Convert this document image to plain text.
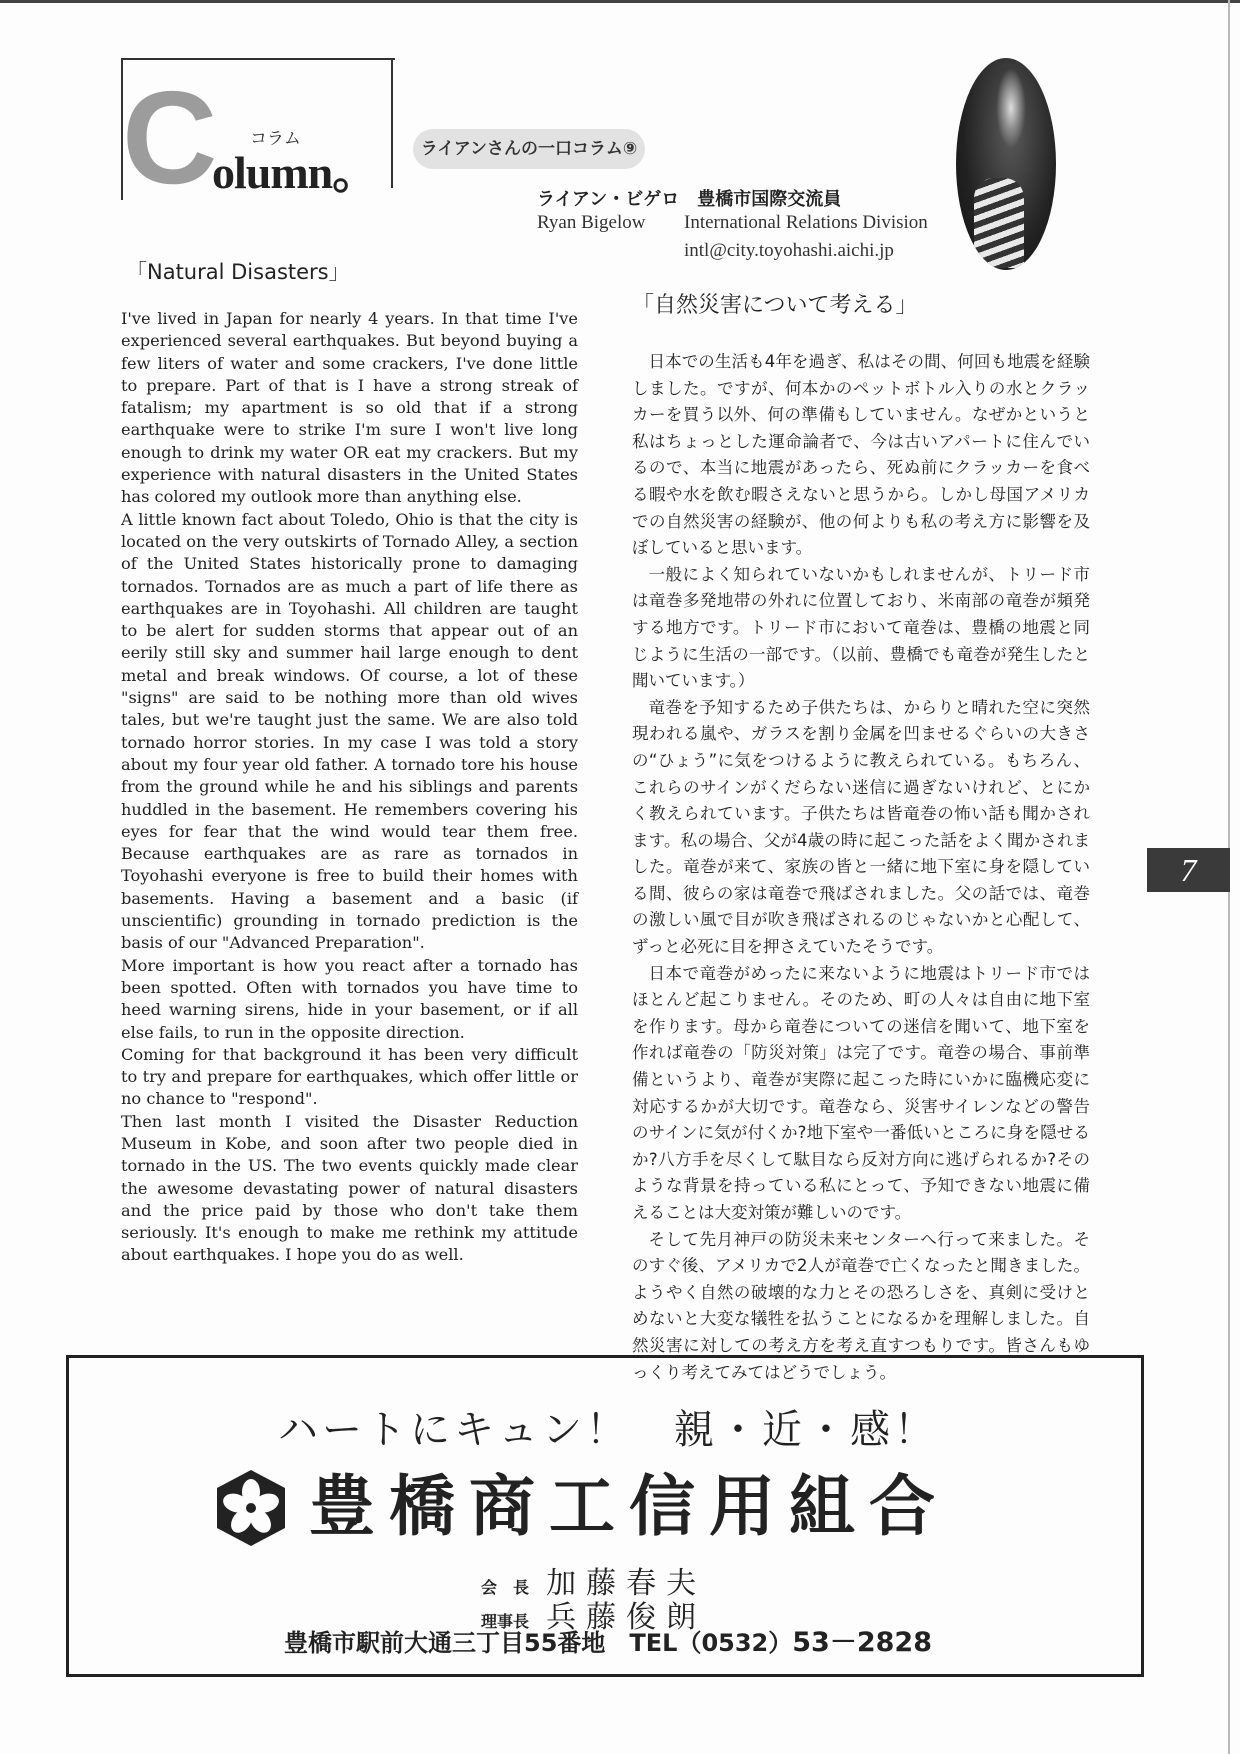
C
olumn。
コラム	ライアンさんの一口コラム⑨
ライアン・ビゲロ　豊橋市国際交流員
Ryan Bigelow International Relations Division
intl@city.toyohashi.aichi.jp
「Natural Disasters」

I've lived in Japan for nearly 4 years. In that time I've experienced several earthquakes. But beyond buying a few liters of water and some crackers, I've done little to prepare. Part of that is I have a strong streak of fatalism; my apartment is so old that if a strong earthquake were to strike I'm sure I won't live long enough to drink my water OR eat my crackers. But my experience with natural disasters in the United States has colored my outlook more than anything else.

A little known fact about Toledo, Ohio is that the city is located on the very outskirts of Tornado Alley, a section of the United States historically prone to damaging tornados. Tornados are as much a part of life there as earthquakes are in Toyohashi. All children are taught to be alert for sudden storms that appear out of an eerily still sky and summer hail large enough to dent metal and break windows. Of course, a lot of these "signs" are said to be nothing more than old wives tales, but we're taught just the same. We are also told tornado horror stories. In my case I was told a story about my four year old father. A tornado tore his house from the ground while he and his siblings and parents huddled in the basement. He remembers covering his eyes for fear that the wind would tear them free. Because earthquakes are as rare as tornados in Toyohashi everyone is free to build their homes with basements. Having a basement and a basic (if unscientific) grounding in tornado prediction is the basis of our "Advanced Preparation".

More important is how you react after a tornado has been spotted. Often with tornados you have time to heed warning sirens, hide in your basement, or if all else fails, to run in the opposite direction.

Coming for that background it has been very difficult to try and prepare for earthquakes, which offer little or no chance to "respond".

Then last month I visited the Disaster Reduction Museum in Kobe, and soon after two people died in tornado in the US. The two events quickly made clear the awesome devastating power of natural disasters and the price paid by those who don't take them seriously. It's enough to make me rethink my attitude about earthquakes. I hope you do as well.

「自然災害について考える」

日本での生活も4年を過ぎ、私はその間、何回も地震を経験しました。ですが、何本かのペットボトル入りの水とクラッカーを買う以外、何の準備もしていません。なぜかというと私はちょっとした運命論者で、今は古いアパートに住んでいるので、本当に地震があったら、死ぬ前にクラッカーを食べる暇や水を飲む暇さえないと思うから。しかし母国アメリカでの自然災害の経験が、他の何よりも私の考え方に影響を及ぼしていると思います。

一般によく知られていないかもしれませんが、トリード市は竜巻多発地帯の外れに位置しており、米南部の竜巻が頻発する地方です。トリード市において竜巻は、豊橋の地震と同じように生活の一部です。（以前、豊橋でも竜巻が発生したと聞いています。）

竜巻を予知するため子供たちは、からりと晴れた空に突然現われる嵐や、ガラスを割り金属を凹ませるぐらいの大きさの“ひょう”に気をつけるように教えられている。もちろん、これらのサインがくだらない迷信に過ぎないけれど、とにかく教えられています。子供たちは皆竜巻の怖い話も聞かされます。私の場合、父が4歳の時に起こった話をよく聞かされました。竜巻が来て、家族の皆と一緒に地下室に身を隠している間、彼らの家は竜巻で飛ばされました。父の話では、竜巻の激しい風で目が吹き飛ばされるのじゃないかと心配して、ずっと必死に目を押さえていたそうです。

日本で竜巻がめったに来ないように地震はトリード市ではほとんど起こりません。そのため、町の人々は自由に地下室を作ります。母から竜巻についての迷信を聞いて、地下室を作れば竜巻の「防災対策」は完了です。竜巻の場合、事前準備というより、竜巻が実際に起こった時にいかに臨機応変に対応するかが大切です。竜巻なら、災害サイレンなどの警告のサインに気が付くか?地下室や一番低いところに身を隠せるか?八方手を尽くして駄目なら反対方向に逃げられるか?そのような背景を持っている私にとって、予知できない地震に備えることは大変対策が難しいのです。

そして先月神戸の防災未来センターへ行って来ました。そのすぐ後、アメリカで2人が竜巻で亡くなったと聞きました。ようやく自然の破壊的な力とその恐ろしさを、真剣に受けとめないと大変な犠牲を払うことになるかを理解しました。自然災害に対しての考え方を考え直すつもりです。皆さんもゆっくり考えてみてはどうでしょう。

7
ハートにキュン！　親・近・感！
豊橋商工信用組合
会　長 加藤春夫
理事長 兵藤俊朗
豊橋市駅前大通三丁目55番地　TEL（0532）53－2828
